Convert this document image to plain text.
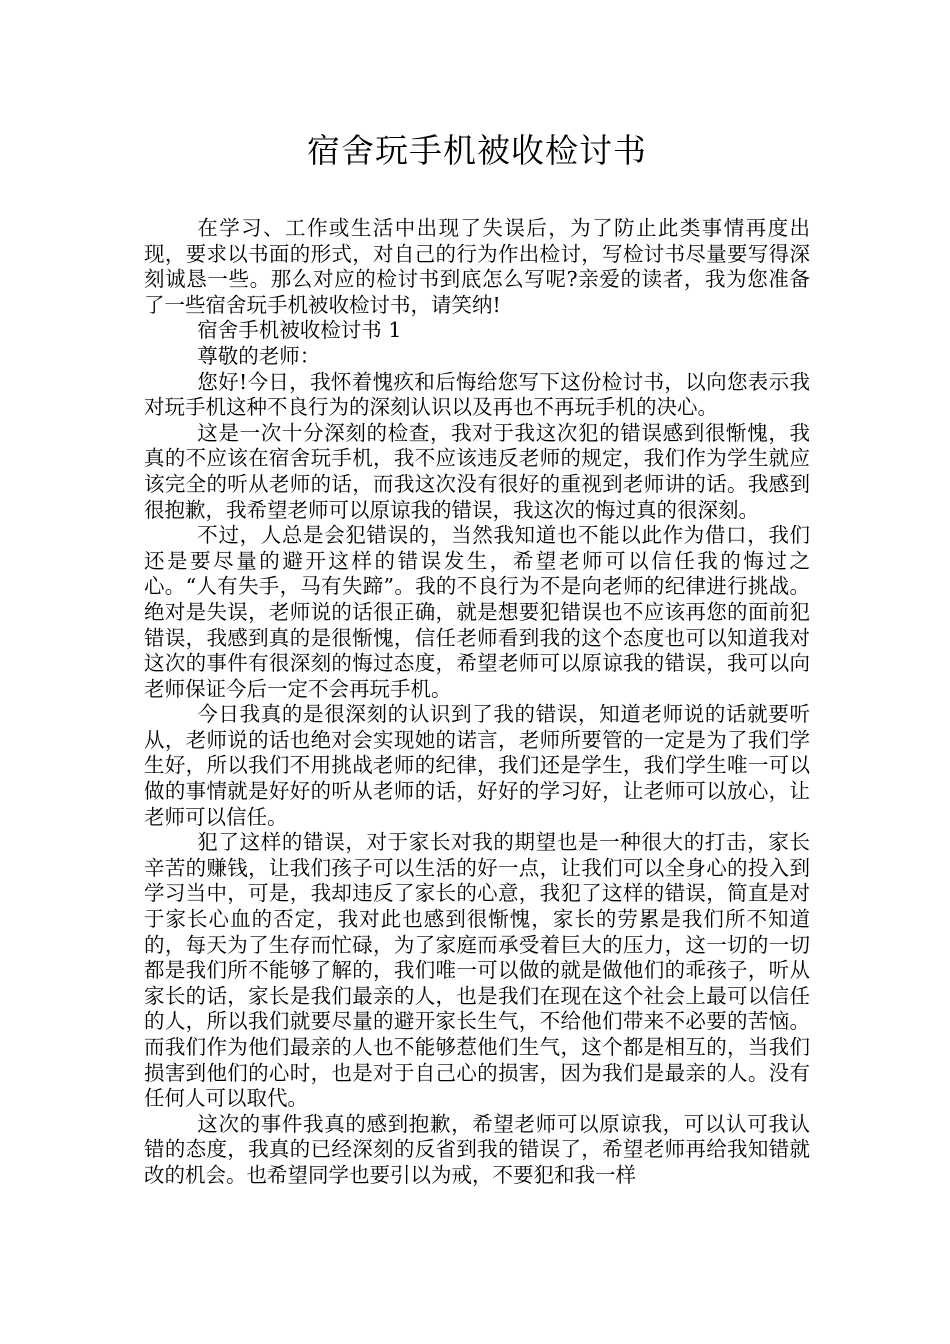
宿舍玩手机被收检讨书

在学习、工作或生活中出现了失误后，为了防止此类事情再度出现，要求以书面的形式，对自己的行为作出检讨，写检讨书尽量要写得深刻诚恳一些。那么对应的检讨书到底怎么写呢?亲爱的读者，我为您准备了一些宿舍玩手机被收检讨书，请笑纳!

宿舍手机被收检讨书 1

尊敬的老师：

您好!今日，我怀着愧疚和后悔给您写下这份检讨书，以向您表示我对玩手机这种不良行为的深刻认识以及再也不再玩手机的决心。

这是一次十分深刻的检查，我对于我这次犯的错误感到很惭愧，我真的不应该在宿舍玩手机，我不应该违反老师的规定，我们作为学生就应该完全的听从老师的话，而我这次没有很好的重视到老师讲的话。我感到很抱歉，我希望老师可以原谅我的错误，我这次的悔过真的很深刻。

不过，人总是会犯错误的，当然我知道也不能以此作为借口，我们还是要尽量的避开这样的错误发生，希望老师可以信任我的悔过之心。“人有失手，马有失蹄”。我的不良行为不是向老师的纪律进行挑战。绝对是失误，老师说的话很正确，就是想要犯错误也不应该再您的面前犯错误，我感到真的是很惭愧，信任老师看到我的这个态度也可以知道我对这次的事件有很深刻的悔过态度，希望老师可以原谅我的错误，我可以向老师保证今后一定不会再玩手机。

今日我真的是很深刻的认识到了我的错误，知道老师说的话就要听从，老师说的话也绝对会实现她的诺言，老师所要管的一定是为了我们学生好，所以我们不用挑战老师的纪律，我们还是学生，我们学生唯一可以做的事情就是好好的听从老师的话，好好的学习好，让老师可以放心，让老师可以信任。

犯了这样的错误，对于家长对我的期望也是一种很大的打击，家长辛苦的赚钱，让我们孩子可以生活的好一点，让我们可以全身心的投入到学习当中，可是，我却违反了家长的心意，我犯了这样的错误，简直是对于家长心血的否定，我对此也感到很惭愧，家长的劳累是我们所不知道的，每天为了生存而忙碌，为了家庭而承受着巨大的压力，这一切的一切都是我们所不能够了解的，我们唯一可以做的就是做他们的乖孩子，听从家长的话，家长是我们最亲的人，也是我们在现在这个社会上最可以信任的人，所以我们就要尽量的避开家长生气，不给他们带来不必要的苦恼。而我们作为他们最亲的人也不能够惹他们生气，这个都是相互的，当我们损害到他们的心时，也是对于自己心的损害，因为我们是最亲的人。没有任何人可以取代。

这次的事件我真的感到抱歉，希望老师可以原谅我，可以认可我认错的态度，我真的已经深刻的反省到我的错误了，希望老师再给我知错就改的机会。也希望同学也要引以为戒，不要犯和我一样
